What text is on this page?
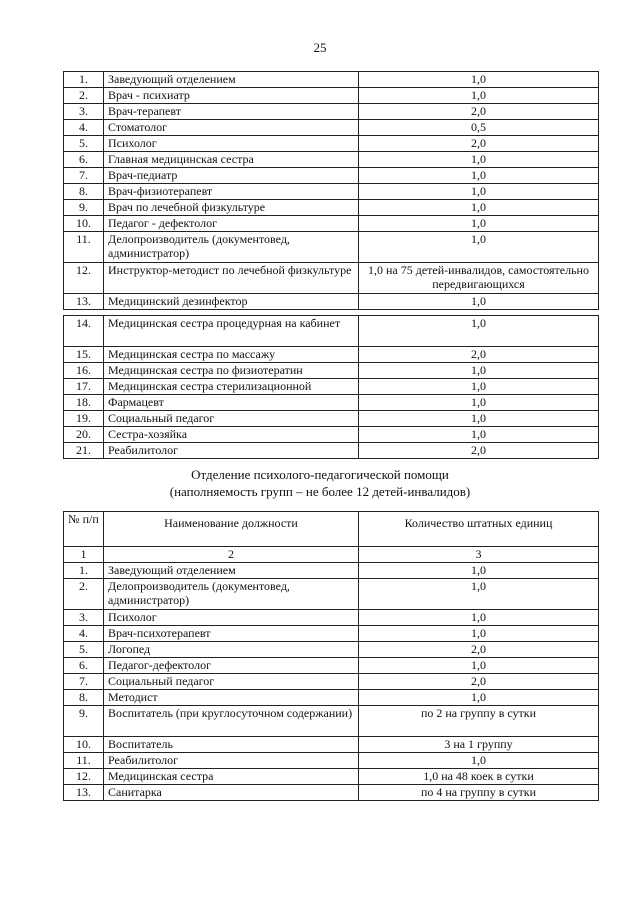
25
1.	Заведующий отделением	1,0
2.	Врач - психиатр	1,0
3.	Врач-терапевт	2,0
4.	Стоматолог	0,5
5.	Психолог	2,0
6.	Главная медицинская сестра	1,0
7.	Врач-педиатр	1,0
8.	Врач-физиотерапевт	1,0
9.	Врач по лечебной физкультуре	1,0
10.	Педагог - дефектолог	1,0
11.	Делопроизводитель (документовед, администратор)	1,0
12.	Инструктор-методист по лечебной физкультуре	1,0 на 75 детей-инвалидов, самостоятельно передвигающихся
13.	Медицинский дезинфектор	1,0
14.	Медицинская сестра процедурная на кабинет	1,0
15.	Медицинская сестра по массажу	2,0
16.	Медицинская сестра по физиотератин	1,0
17.	Медицинская сестра стерилизационной	1,0
18.	Фармацевт	1,0
19.	Социальный педагог	1,0
20.	Сестра-хозяйка	1,0
21.	Реабилитолог	2,0
Отделение психолого-педагогической помощи
(наполняемость групп – не более 12 детей-инвалидов)
№ п/п	Наименование должности	Количество штатных единиц
1	2	3
1.	Заведующий отделением	1,0
2.	Делопроизводитель (документовед, администратор)	1,0
3.	Психолог	1,0
4.	Врач-психотерапевт	1,0
5.	Логопед	2,0
6.	Педагог-дефектолог	1,0
7.	Социальный педагог	2,0
8.	Методист	1,0
9.	Воспитатель (при круглосуточном содержании)	по 2 на группу в сутки
10.	Воспитатель	3 на 1 группу
11.	Реабилитолог	1,0
12.	Медицинская сестра	1,0 на 48 коек в сутки
13.	Санитарка	по 4 на группу в сутки
